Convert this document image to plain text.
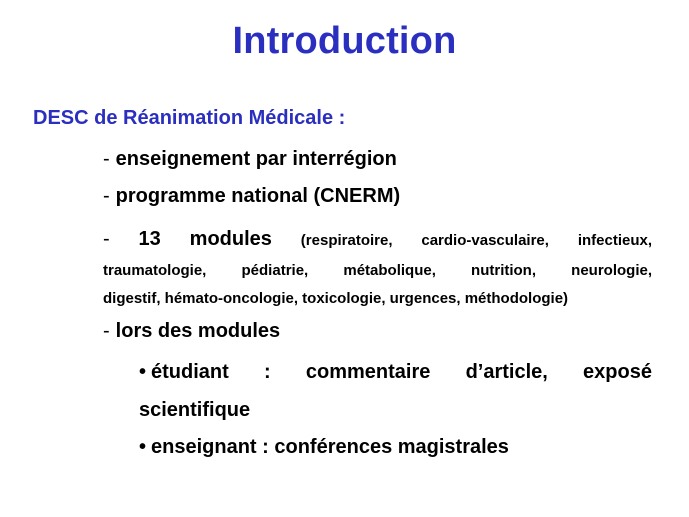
Introduction
DESC de Réanimation Médicale :
- enseignement par interrégion
- programme national (CNERM)
- 13 modules (respiratoire, cardio-vasculaire, infectieux,
traumatologie, pédiatrie, métabolique, nutrition, neurologie,
digestif, hémato-oncologie, toxicologie, urgences, méthodologie)
- lors des modules
• étudiant : commentaire d’article, exposé
scientifique
• enseignant : conférences magistrales
